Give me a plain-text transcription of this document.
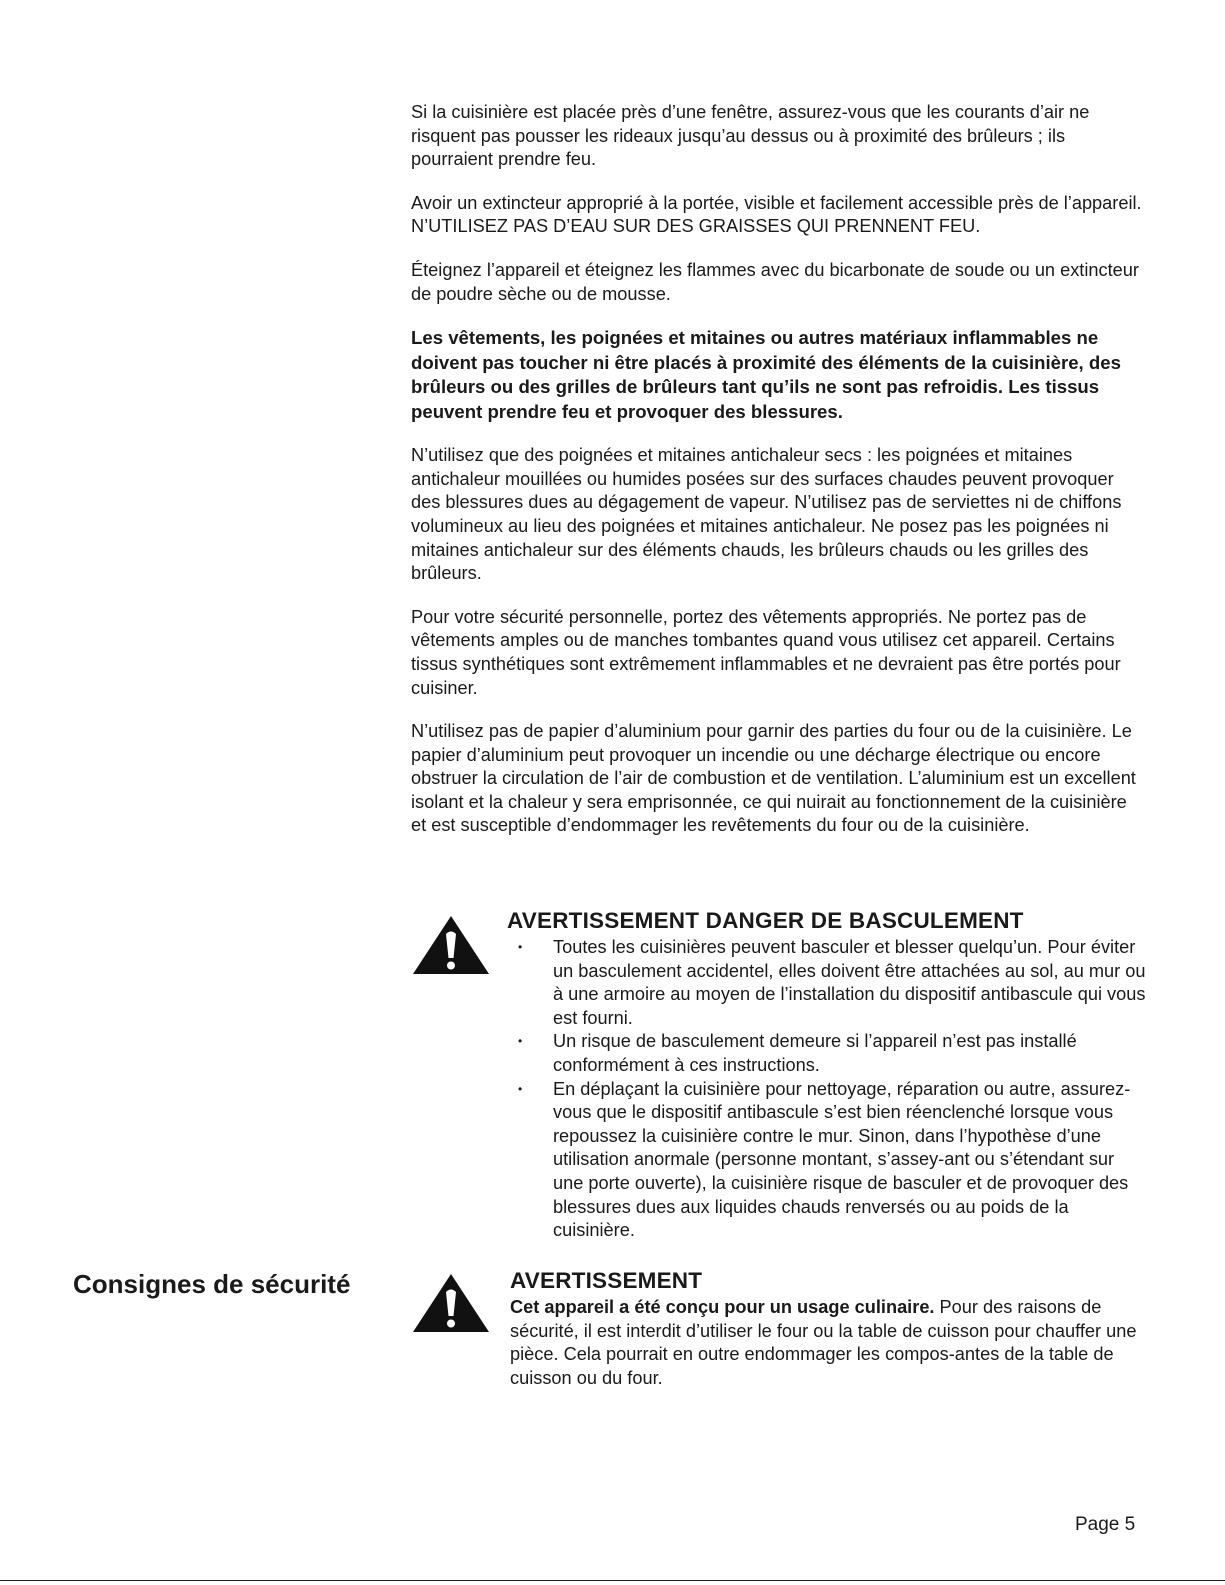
Si la cuisinière est placée près d’une fenêtre, assurez-vous que les courants d’air ne risquent pas pousser les rideaux jusqu’au dessus ou à proximité des brûleurs ; ils pourraient prendre feu.

Avoir un extincteur approprié à la portée, visible et facilement accessible près de l’appareil. N’UTILISEZ PAS D’EAU SUR DES GRAISSES QUI PRENNENT FEU.

Éteignez l’appareil et éteignez les flammes avec du bicarbonate de soude ou un extincteur de poudre sèche ou de mousse.

Les vêtements, les poignées et mitaines ou autres matériaux inflammables ne doivent pas toucher ni être placés à proximité des éléments de la cuisinière, des brûleurs ou des grilles de brûleurs tant qu’ils ne sont pas refroidis. Les tissus peuvent prendre feu et provoquer des blessures.

N’utilisez que des poignées et mitaines antichaleur secs : les poignées et mitaines antichaleur mouillées ou humides posées sur des surfaces chaudes peuvent provoquer des blessures dues au dégagement de vapeur. N’utilisez pas de serviettes ni de chiffons volumineux au lieu des poignées et mitaines antichaleur. Ne posez pas les poignées ni mitaines antichaleur sur des éléments chauds, les brûleurs chauds ou les grilles des brûleurs.

Pour votre sécurité personnelle, portez des vêtements appropriés. Ne portez pas de vêtements amples ou de manches tombantes quand vous utilisez cet appareil. Certains tissus synthétiques sont extrêmement inflammables et ne devraient pas être portés pour cuisiner.

N’utilisez pas de papier d’aluminium pour garnir des parties du four ou de la cuisinière. Le papier d’aluminium peut provoquer un incendie ou une décharge électrique ou encore obstruer la circulation de l’air de combustion et de ventilation. L’aluminium est un excellent isolant et la chaleur y sera emprisonnée, ce qui nuirait au fonctionnement de la cuisinière et est susceptible d’endommager les revêtements du four ou de la cuisinière.

AVERTISSEMENT DANGER DE BASCULEMENT
• Toutes les cuisinières peuvent basculer et blesser quelqu’un. Pour éviter un basculement accidentel, elles doivent être attachées au sol, au mur ou à une armoire au moyen de l’installation du dispositif antibascule qui vous est fourni.
• Un risque de basculement demeure si l’appareil n’est pas installé conformément à ces instructions.
• En déplaçant la cuisinière pour nettoyage, réparation ou autre, assurez-vous que le dispositif antibascule s’est bien réenclenché lorsque vous repoussez la cuisinière contre le mur. Sinon, dans l’hypothèse d’une utilisation anormale (personne montant, s’assey-ant ou s’étendant sur une porte ouverte), la cuisinière risque de basculer et de provoquer des blessures dues aux liquides chauds renversés ou au poids de la cuisinière.
Consignes de sécurité	AVERTISSEMENT
Cet appareil a été conçu pour un usage culinaire. Pour des raisons de sécurité, il est interdit d’utiliser le four ou la table de cuisson pour chauffer une pièce. Cela pourrait en outre endommager les compos-antes de la table de cuisson ou du four.
Page 5
